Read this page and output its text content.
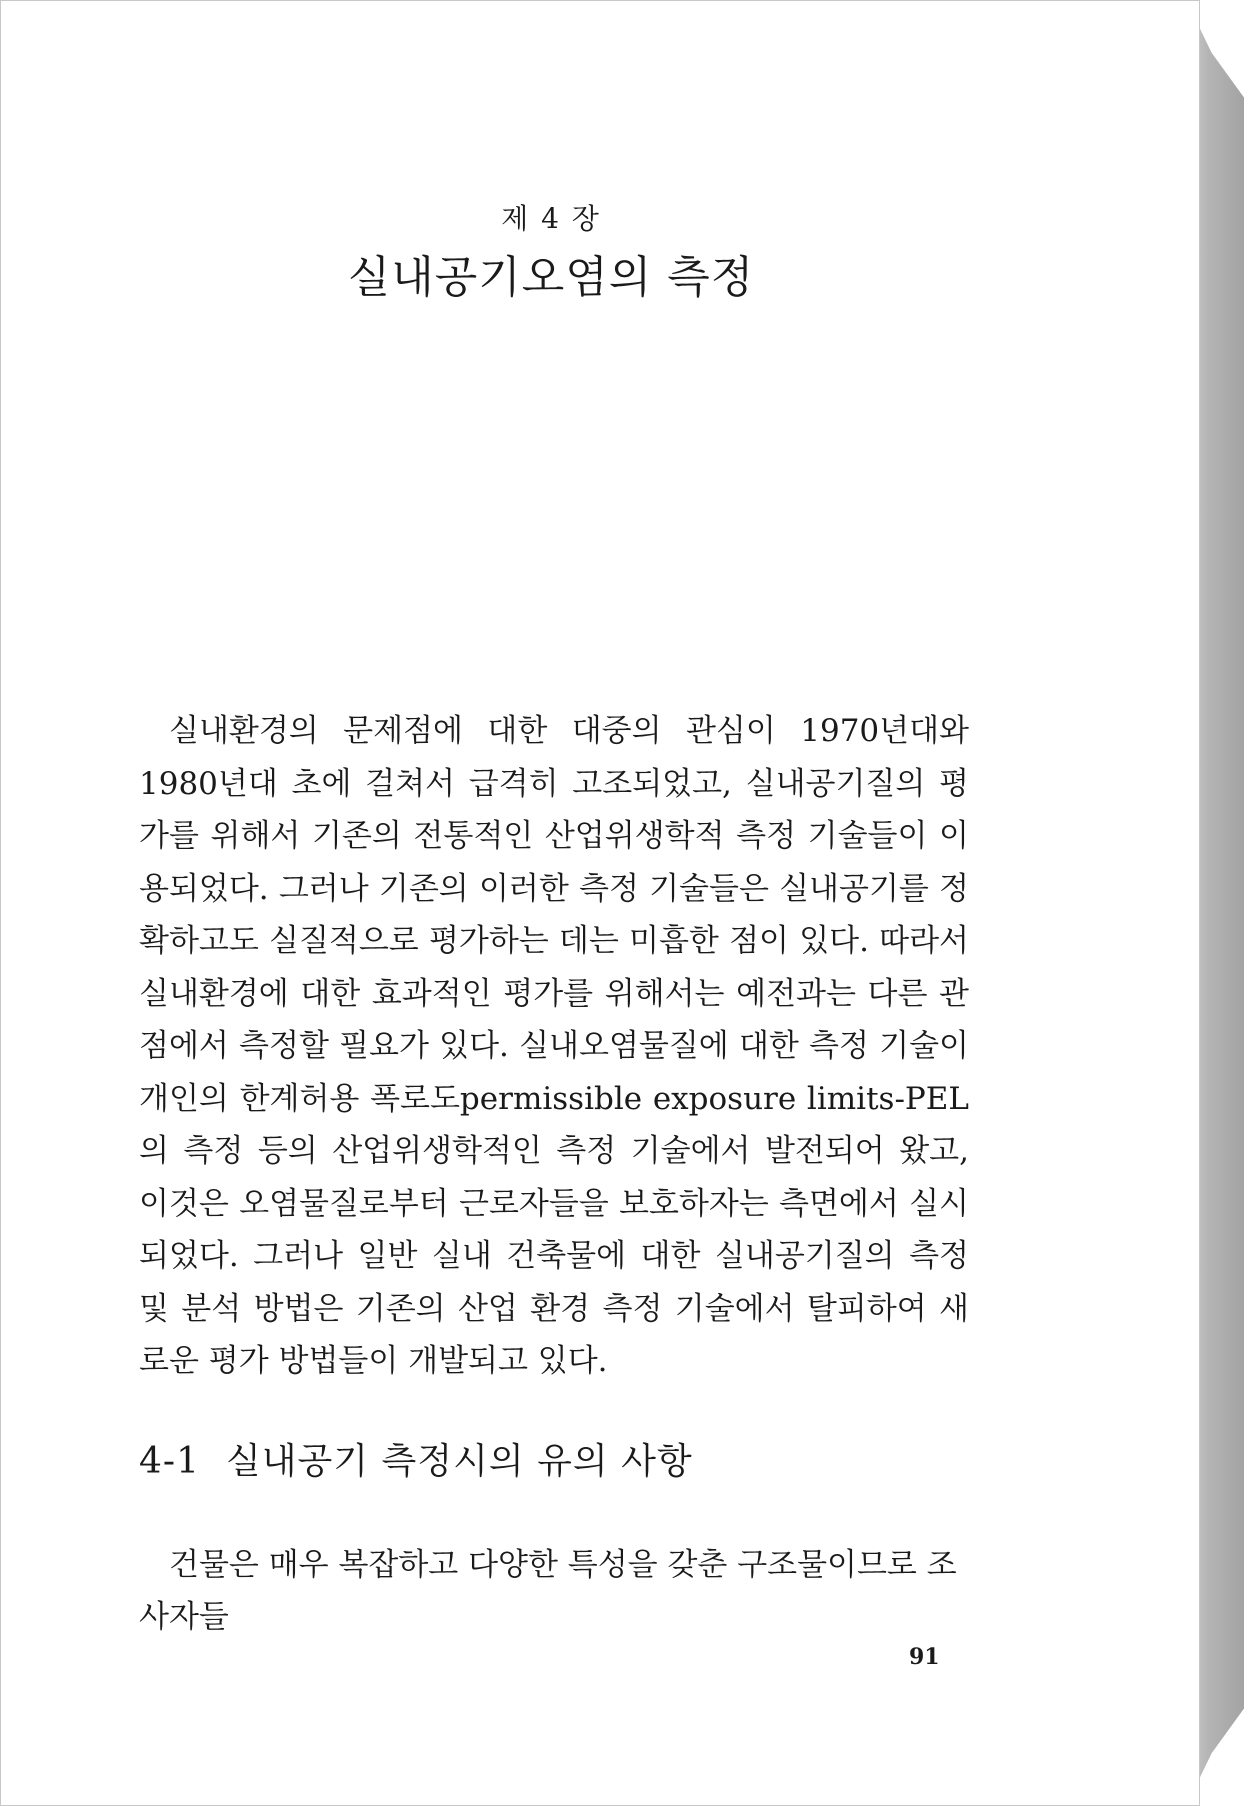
제 4 장
실내공기오염의 측정

실내환경의 문제점에 대한 대중의 관심이 1970년대와 1980년대 초에 걸쳐서 급격히 고조되었고, 실내공기질의 평가를 위해서 기존의 전통적인 산업위생학적 측정 기술들이 이용되었다. 그러나 기존의 이러한 측정 기술들은 실내공기를 정확하고도 실질적으로 평가하는 데는 미흡한 점이 있다. 따라서 실내환경에 대한 효과적인 평가를 위해서는 예전과는 다른 관점에서 측정할 필요가 있다. 실내오염물질에 대한 측정 기술이 개인의 한계허용 폭로도permissible exposure limits-PEL의 측정 등의 산업위생학적인 측정 기술에서 발전되어 왔고, 이것은 오염물질로부터 근로자들을 보호하자는 측면에서 실시되었다. 그러나 일반 실내 건축물에 대한 실내공기질의 측정 및 분석 방법은 기존의 산업 환경 측정 기술에서 탈피하여 새로운 평가 방법들이 개발되고 있다.

4-1 실내공기 측정시의 유의 사항

건물은 매우 복잡하고 다양한 특성을 갖춘 구조물이므로 조사자들

91
